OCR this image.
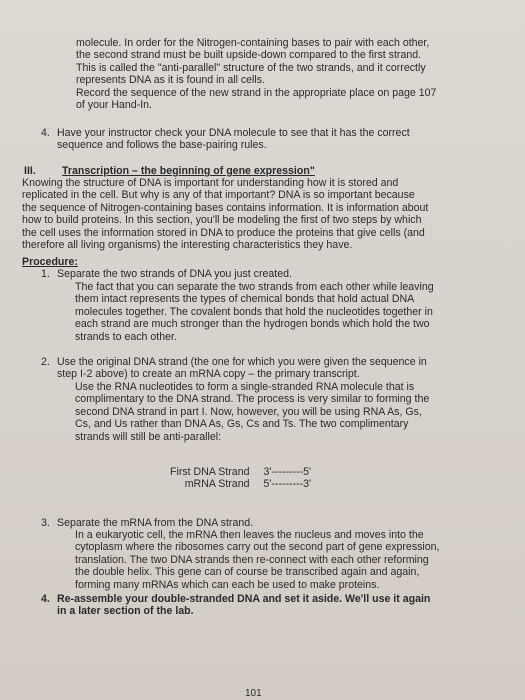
molecule. In order for the Nitrogen-containing bases to pair with each other,
the second strand must be built upside-down compared to the first strand.
This is called the "anti-parallel" structure of the two strands, and it correctly
represents DNA as it is found in all cells.
Record the sequence of the new strand in the appropriate place on page 107
of your Hand-In.
4. Have your instructor check your DNA molecule to see that it has the correct
sequence and follows the base-pairing rules.
III. Transcription – the beginning of gene expression"
Knowing the structure of DNA is important for understanding how it is stored and
replicated in the cell. But why is any of that important? DNA is so important because
the sequence of Nitrogen-containing bases contains information. It is information about
how to build proteins. In this section, you'll be modeling the first of two steps by which
the cell uses the information stored in DNA to produce the proteins that give cells (and
therefore all living organisms) the interesting characteristics they have.
Procedure:
1. Separate the two strands of DNA you just created.
The fact that you can separate the two strands from each other while leaving
them intact represents the types of chemical bonds that hold actual DNA
molecules together. The covalent bonds that hold the nucleotides together in
each strand are much stronger than the hydrogen bonds which hold the two
strands to each other.
2. Use the original DNA strand (the one for which you were given the sequence in
step I-2 above) to create an mRNA copy – the primary transcript.
Use the RNA nucleotides to form a single-stranded RNA molecule that is
complimentary to the DNA strand. The process is very similar to forming the
second DNA strand in part I. Now, however, you will be using RNA As, Gs,
Cs, and Us rather than DNA As, Gs, Cs and Ts. The two complimentary
strands will still be anti-parallel:
First DNA Strand	3'---------5'
mRNA Strand	5'---------3'
3. Separate the mRNA from the DNA strand.
In a eukaryotic cell, the mRNA then leaves the nucleus and moves into the
cytoplasm where the ribosomes carry out the second part of gene expression,
translation. The two DNA strands then re-connect with each other reforming
the double helix. This gene can of course be transcribed again and again,
forming many mRNAs which can each be used to make proteins.
4. Re-assemble your double-stranded DNA and set it aside. We'll use it again
in a later section of the lab.
101
